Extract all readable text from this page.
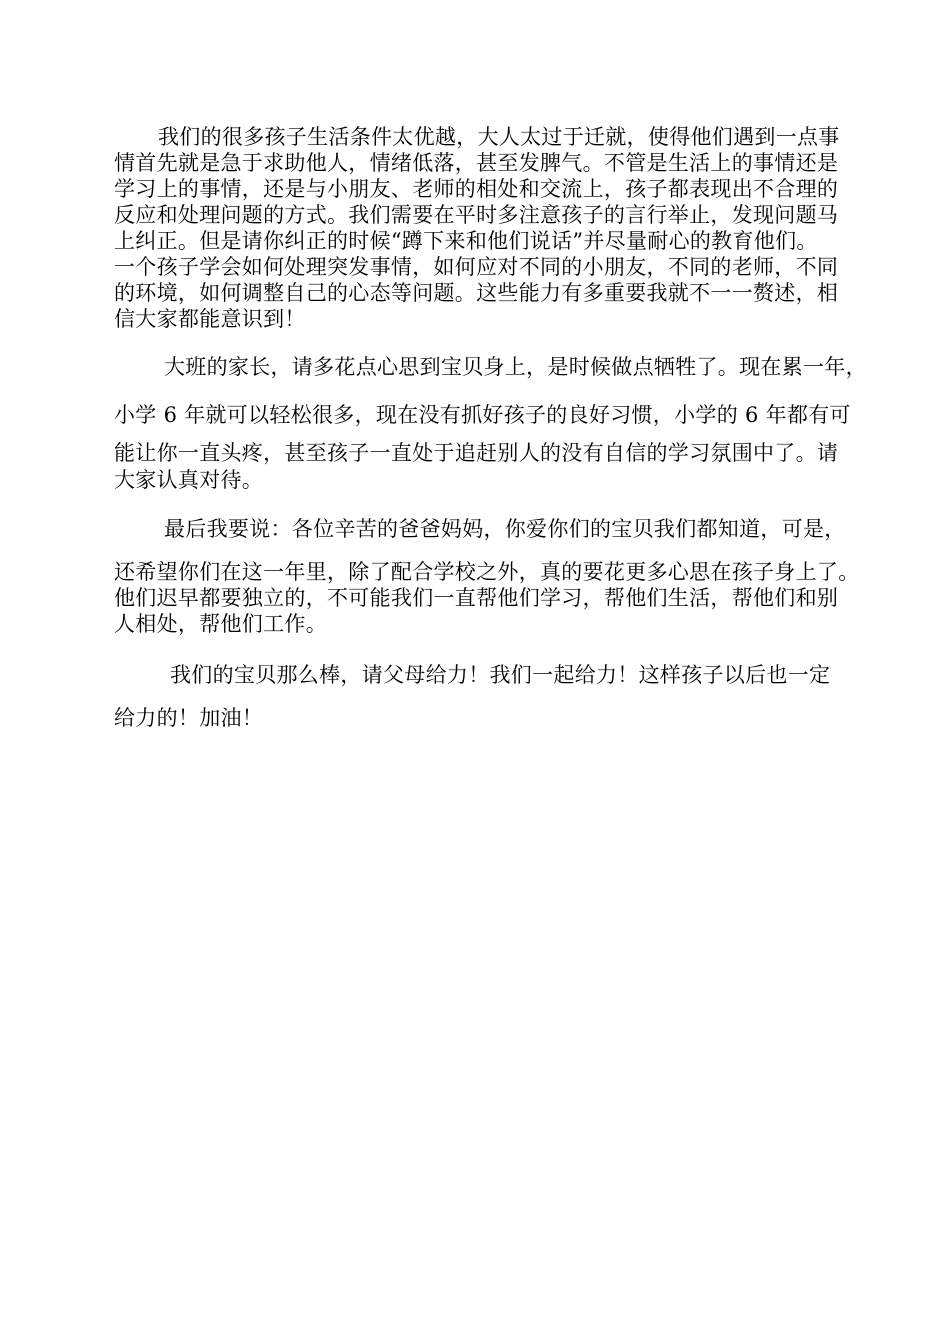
我们的很多孩子生活条件太优越，大人太过于迁就，使得他们遇到一点事
情首先就是急于求助他人，情绪低落，甚至发脾气。不管是生活上的事情还是
学习上的事情，还是与小朋友、老师的相处和交流上，孩子都表现出不合理的
反应和处理问题的方式。我们需要在平时多注意孩子的言行举止，发现问题马
上纠正。但是请你纠正的时候“蹲下来和他们说话”并尽量耐心的教育他们。
一个孩子学会如何处理突发事情，如何应对不同的小朋友，不同的老师，不同
的环境，如何调整自己的心态等问题。这些能力有多重要我就不一一赘述，相
信大家都能意识到！
大班的家长，请多花点心思到宝贝身上，是时候做点牺牲了。现在累一年，
小学 6 年就可以轻松很多，现在没有抓好孩子的良好习惯，小学的 6 年都有可
能让你一直头疼，甚至孩子一直处于追赶别人的没有自信的学习氛围中了。请
大家认真对待。
最后我要说：各位辛苦的爸爸妈妈，你爱你们的宝贝我们都知道，可是，
还希望你们在这一年里，除了配合学校之外，真的要花更多心思在孩子身上了。
他们迟早都要独立的，不可能我们一直帮他们学习，帮他们生活，帮他们和别
人相处，帮他们工作。
我们的宝贝那么棒，请父母给力！我们一起给力！这样孩子以后也一定
给力的！加油！
